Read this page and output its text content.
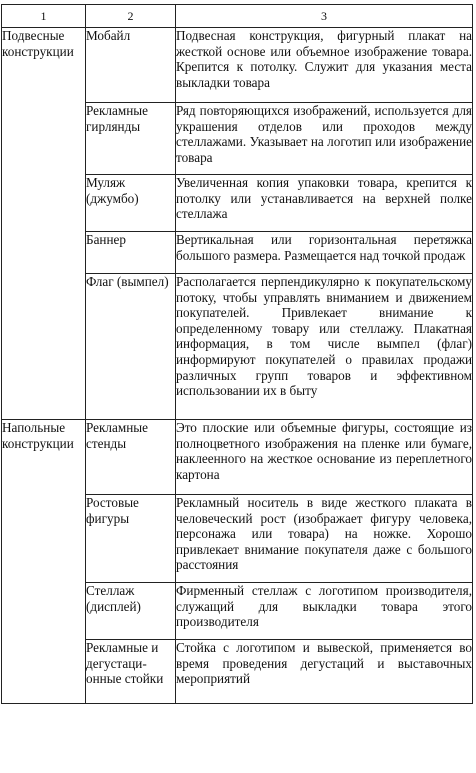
1	2	3
Подвесные конструкции	Мобайл	Подвесная конструкция, фигурный плакат на жесткой основе или объемное изображение товара. Крепится к потолку. Служит для указания места выкладки товара
	Рекламные гирлянды	Ряд повторяющихся изображений, используется для украшения отделов или проходов между стеллажами. Указывает на логотип или изображение товара
	Муляж (джумбо)	Увеличенная копия упаковки товара, крепится к потолку или устанавливается на верхней полке стеллажа
	Баннер	Вертикальная или горизонтальная перетяжка большого размера. Размещается над точкой продаж
	Флаг (вымпел)	Располагается перпендикулярно к покупательскому потоку, чтобы управлять вниманием и движением покупателей. Привлекает внимание к определенному товару или стеллажу. Плакатная информация, в том числе вымпел (флаг) информируют покупателей о правилах продажи различных групп товаров и эффективном использовании их в быту
Напольные конструкции	Рекламные стенды	Это плоские или объемные фигуры, состоящие из полноцветного изображения на пленке или бумаге, наклеенного на жесткое основание из переплетного картона
	Ростовые фигуры	Рекламный носитель в виде жесткого плаката в человеческий рост (изображает фигуру человека, персонажа или товара) на ножке. Хорошо привлекает внимание покупателя даже с большого расстояния
	Стеллаж (дисплей)	Фирменный стеллаж с логотипом производителя, служащий для выкладки товара этого производителя
	Рекламные и дегустационные стойки	Стойка с логотипом и вывеской, применяется во время проведения дегустаций и выставочных мероприятий
